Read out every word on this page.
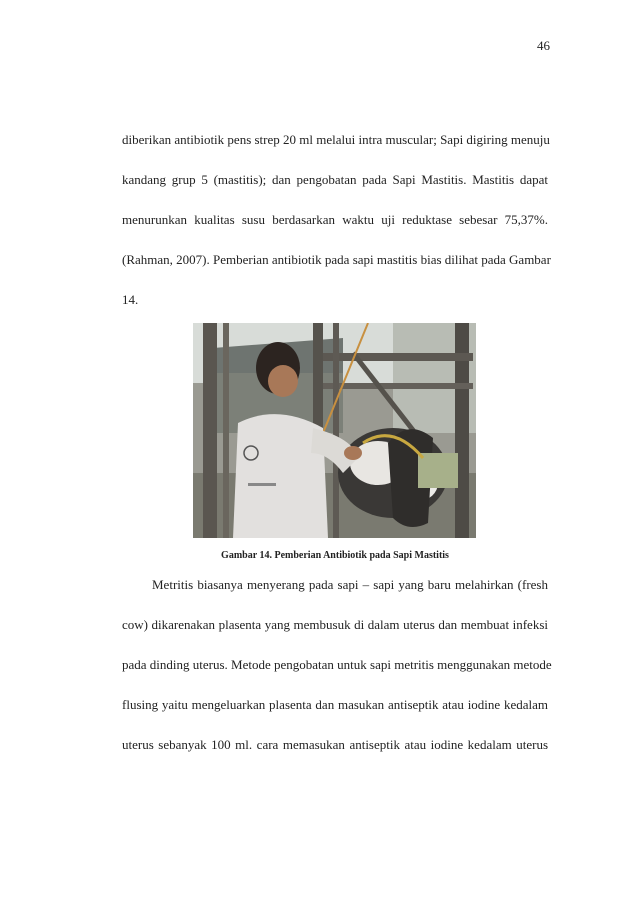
46
diberikan antibiotik pens strep 20 ml melalui intra muscular; Sapi digiring menuju
kandang grup 5 (mastitis); dan pengobatan pada Sapi Mastitis. Mastitis dapat
menurunkan kualitas susu berdasarkan waktu uji reduktase sebesar 75,37%.
(Rahman, 2007). Pemberian antibiotik pada sapi mastitis bias dilihat pada Gambar
14.
Gambar 14. Pemberian Antibiotik pada Sapi Mastitis
Metritis biasanya menyerang pada sapi – sapi yang baru melahirkan (fresh
cow) dikarenakan plasenta yang membusuk di dalam uterus dan membuat infeksi
pada dinding uterus. Metode pengobatan untuk sapi metritis menggunakan metode
flusing yaitu mengeluarkan plasenta dan masukan antiseptik atau iodine kedalam
uterus sebanyak 100 ml. cara memasukan antiseptik atau iodine kedalam uterus
